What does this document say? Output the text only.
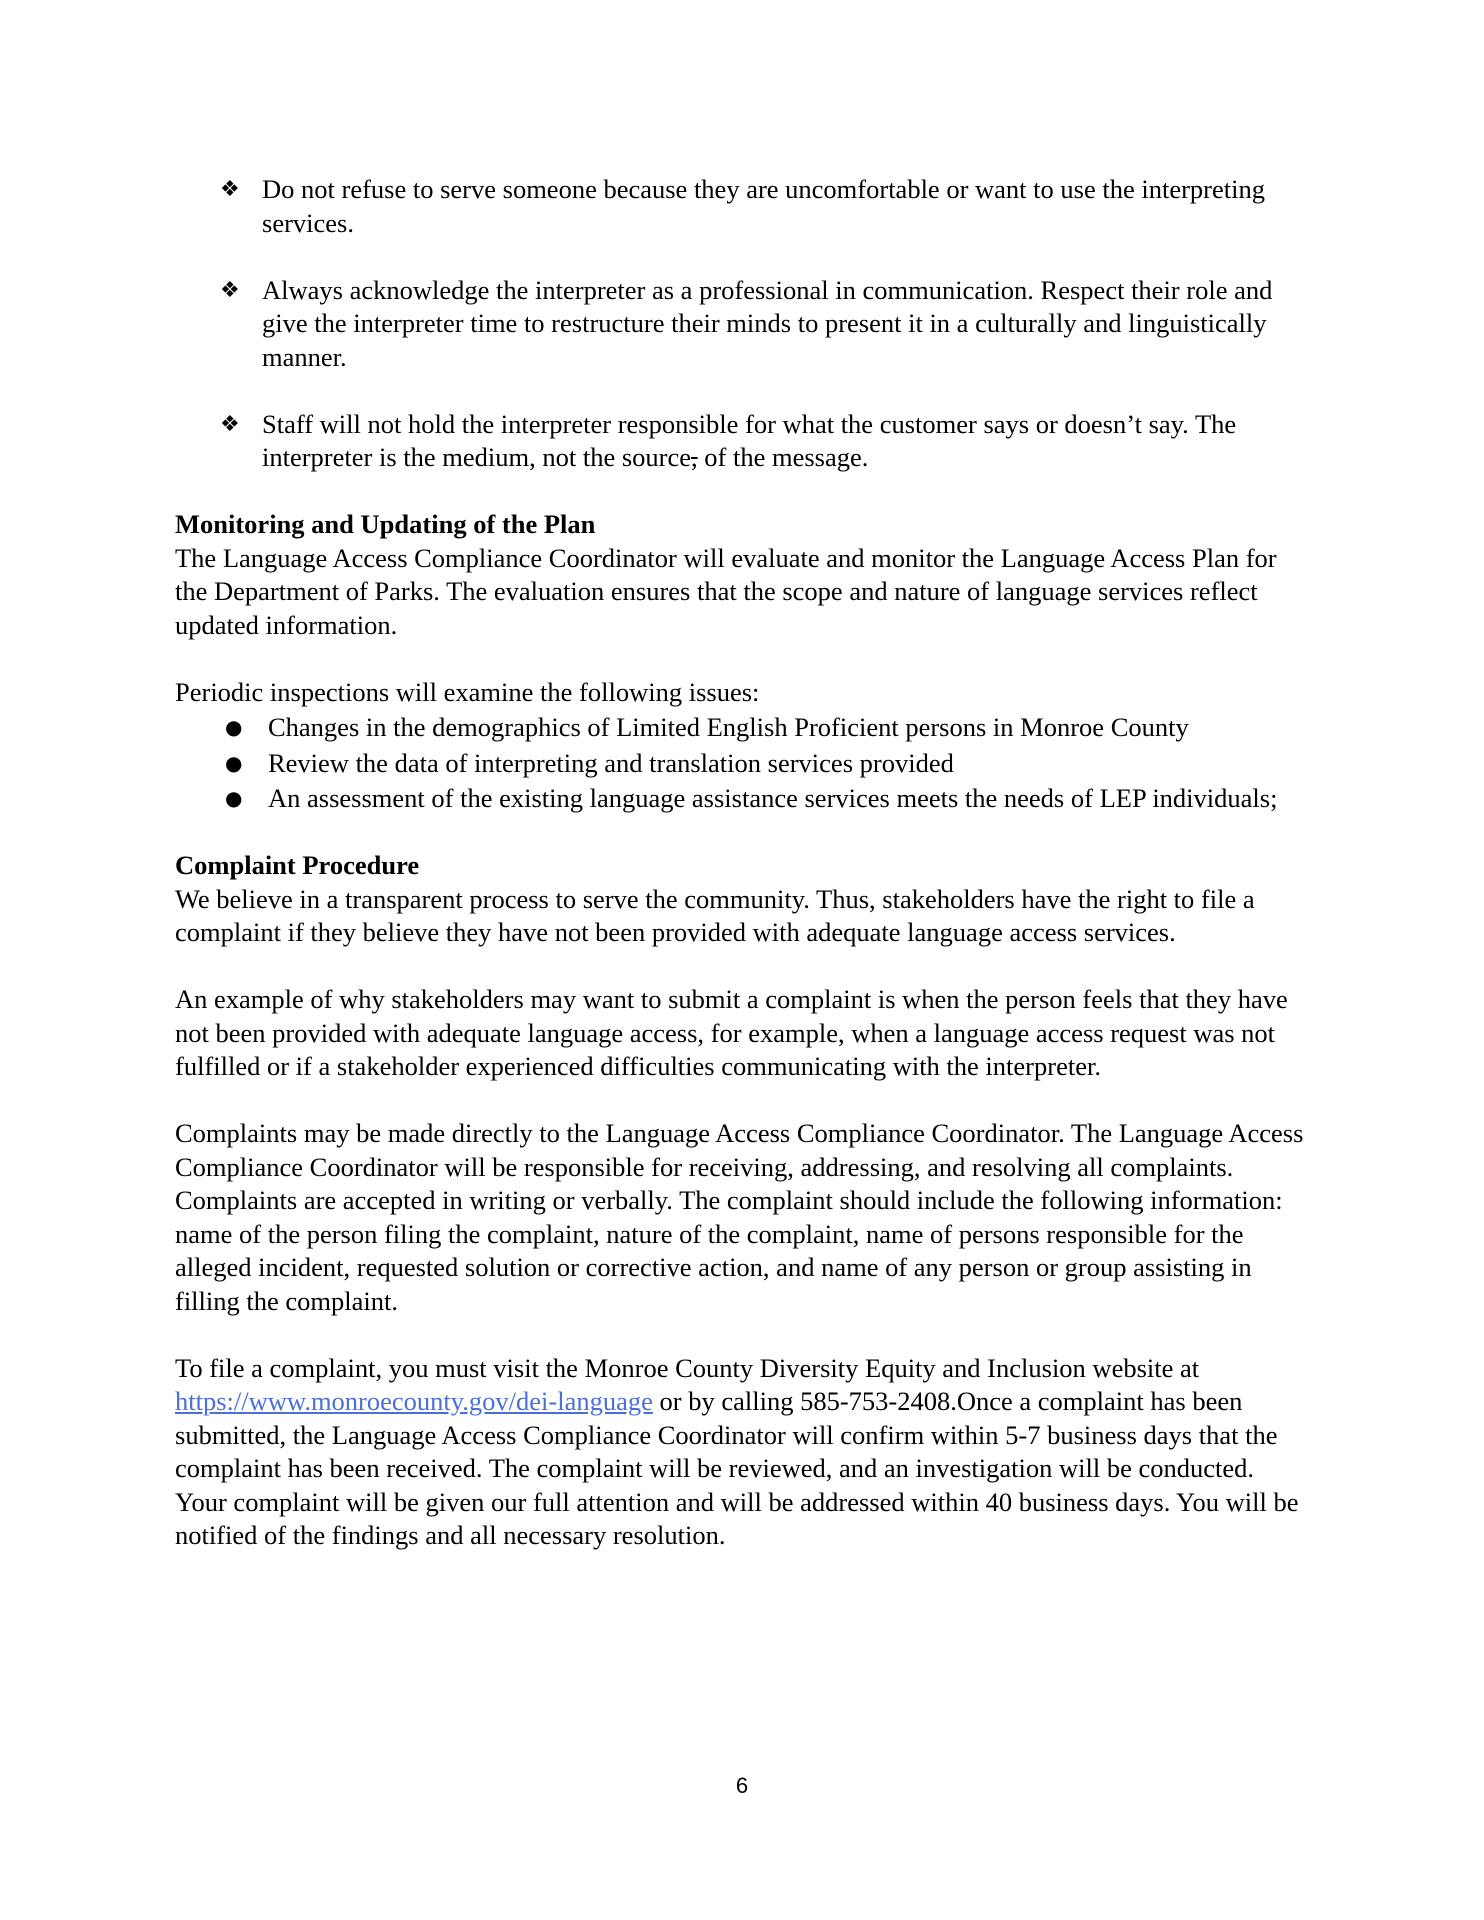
❖ Do not refuse to serve someone because they are uncomfortable or want to use the interpreting services.
❖ Always acknowledge the interpreter as a professional in communication. Respect their role and give the interpreter time to restructure their minds to present it in a culturally and linguistically manner.
❖ Staff will not hold the interpreter responsible for what the customer says or doesn’t say. The interpreter is the medium, not the source, of the message.

Monitoring and Updating of the Plan

The Language Access Compliance Coordinator will evaluate and monitor the Language Access Plan for the Department of Parks. The evaluation ensures that the scope and nature of language services reflect updated information.

Periodic inspections will examine the following issues:

● Changes in the demographics of Limited English Proficient persons in Monroe County
● Review the data of interpreting and translation services provided
● An assessment of the existing language assistance services meets the needs of LEP individuals;

Complaint Procedure

We believe in a transparent process to serve the community. Thus, stakeholders have the right to file a complaint if they believe they have not been provided with adequate language access services.

An example of why stakeholders may want to submit a complaint is when the person feels that they have not been provided with adequate language access, for example, when a language access request was not fulfilled or if a stakeholder experienced difficulties communicating with the interpreter.

Complaints may be made directly to the Language Access Compliance Coordinator. The Language Access Compliance Coordinator will be responsible for receiving, addressing, and resolving all complaints. Complaints are accepted in writing or verbally. The complaint should include the following information: name of the person filing the complaint, nature of the complaint, name of persons responsible for the alleged incident, requested solution or corrective action, and name of any person or group assisting in filling the complaint.

To file a complaint, you must visit the Monroe County Diversity Equity and Inclusion website at https://www.monroecounty.gov/dei-language or by calling 585-753-2408.Once a complaint has been submitted, the Language Access Compliance Coordinator will confirm within 5-7 business days that the complaint has been received. The complaint will be reviewed, and an investigation will be conducted. Your complaint will be given our full attention and will be addressed within 40 business days. You will be notified of the findings and all necessary resolution.

6
